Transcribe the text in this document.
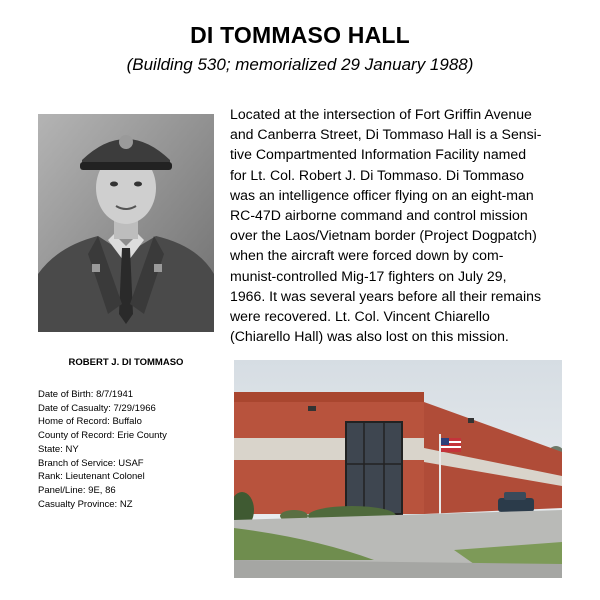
DI TOMMASO HALL
(Building 530; memorialized 29 January 1988)
ROBERT J. DI TOMMASO
Date of Birth: 8/7/1941
Date of Casualty: 7/29/1966
Home of Record: Buffalo
County of Record: Erie County
State: NY
Branch of Service: USAF
Rank: Lieutenant Colonel
Panel/Line: 9E, 86
Casualty Province: NZ
Located at the intersection of Fort Griffin Avenue
and Canberra Street, Di Tommaso Hall is a Sensi-
tive Compartmented Information Facility named
for Lt. Col. Robert J. Di Tommaso. Di Tommaso
was an intelligence officer flying on an eight-man
RC-47D airborne command and control mission
over the Laos/Vietnam border (Project Dogpatch)
when the aircraft were forced down by com-
munist-controlled Mig-17 fighters on July 29,
1966. It was several years before all their remains
were recovered. Lt. Col. Vincent Chiarello
(Chiarello Hall) was also lost on this mission.
